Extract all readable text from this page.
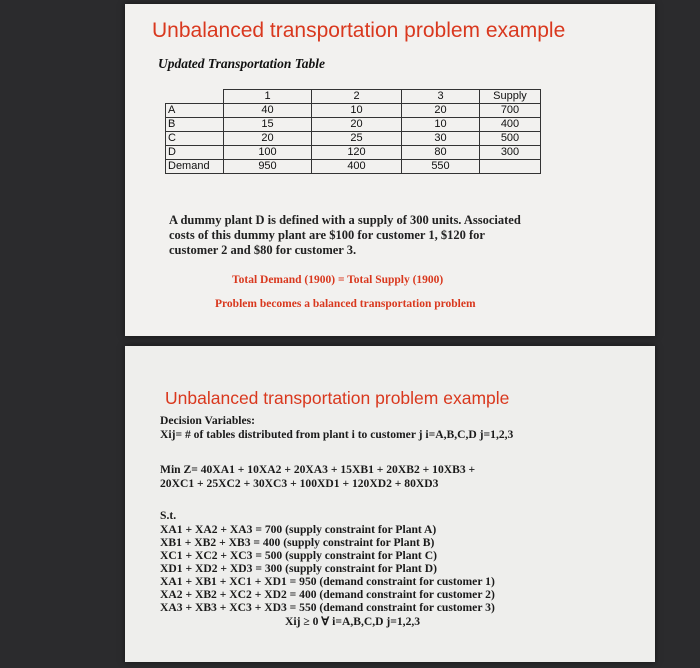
Unbalanced transportation problem example
Updated Transportation Table
	1	2	3	Supply
A	40	10	20	700
B	15	20	10	400
C	20	25	30	500
D	100	120	80	300
Demand	950	400	550	
A dummy plant D is defined with a supply of 300 units. Associated costs of this dummy plant are $100 for customer 1, $120 for customer 2 and $80 for customer 3.
Total Demand (1900) = Total Supply (1900)
Problem becomes a balanced transportation problem
Unbalanced transportation problem example
Decision Variables:
Xij= # of tables distributed from plant i to customer j i=A,B,C,D j=1,2,3
Min Z= 40XA1 + 10XA2 + 20XA3 + 15XB1 + 20XB2 + 10XB3 +
20XC1 + 25XC2 + 30XC3 + 100XD1 + 120XD2 + 80XD3
S.t.
XA1 + XA2 + XA3 = 700 (supply constraint for Plant A)
XB1 + XB2 + XB3 = 400 (supply constraint for Plant B)
XC1 + XC2 + XC3 = 500 (supply constraint for Plant C)
XD1 + XD2 + XD3 = 300 (supply constraint for Plant D)
XA1 + XB1 + XC1 + XD1 = 950 (demand constraint for customer 1)
XA2 + XB2 + XC2 + XD2 = 400 (demand constraint for customer 2)
XA3 + XB3 + XC3 + XD3 = 550 (demand constraint for customer 3)
Xij ≥ 0 ∀ i=A,B,C,D j=1,2,3
